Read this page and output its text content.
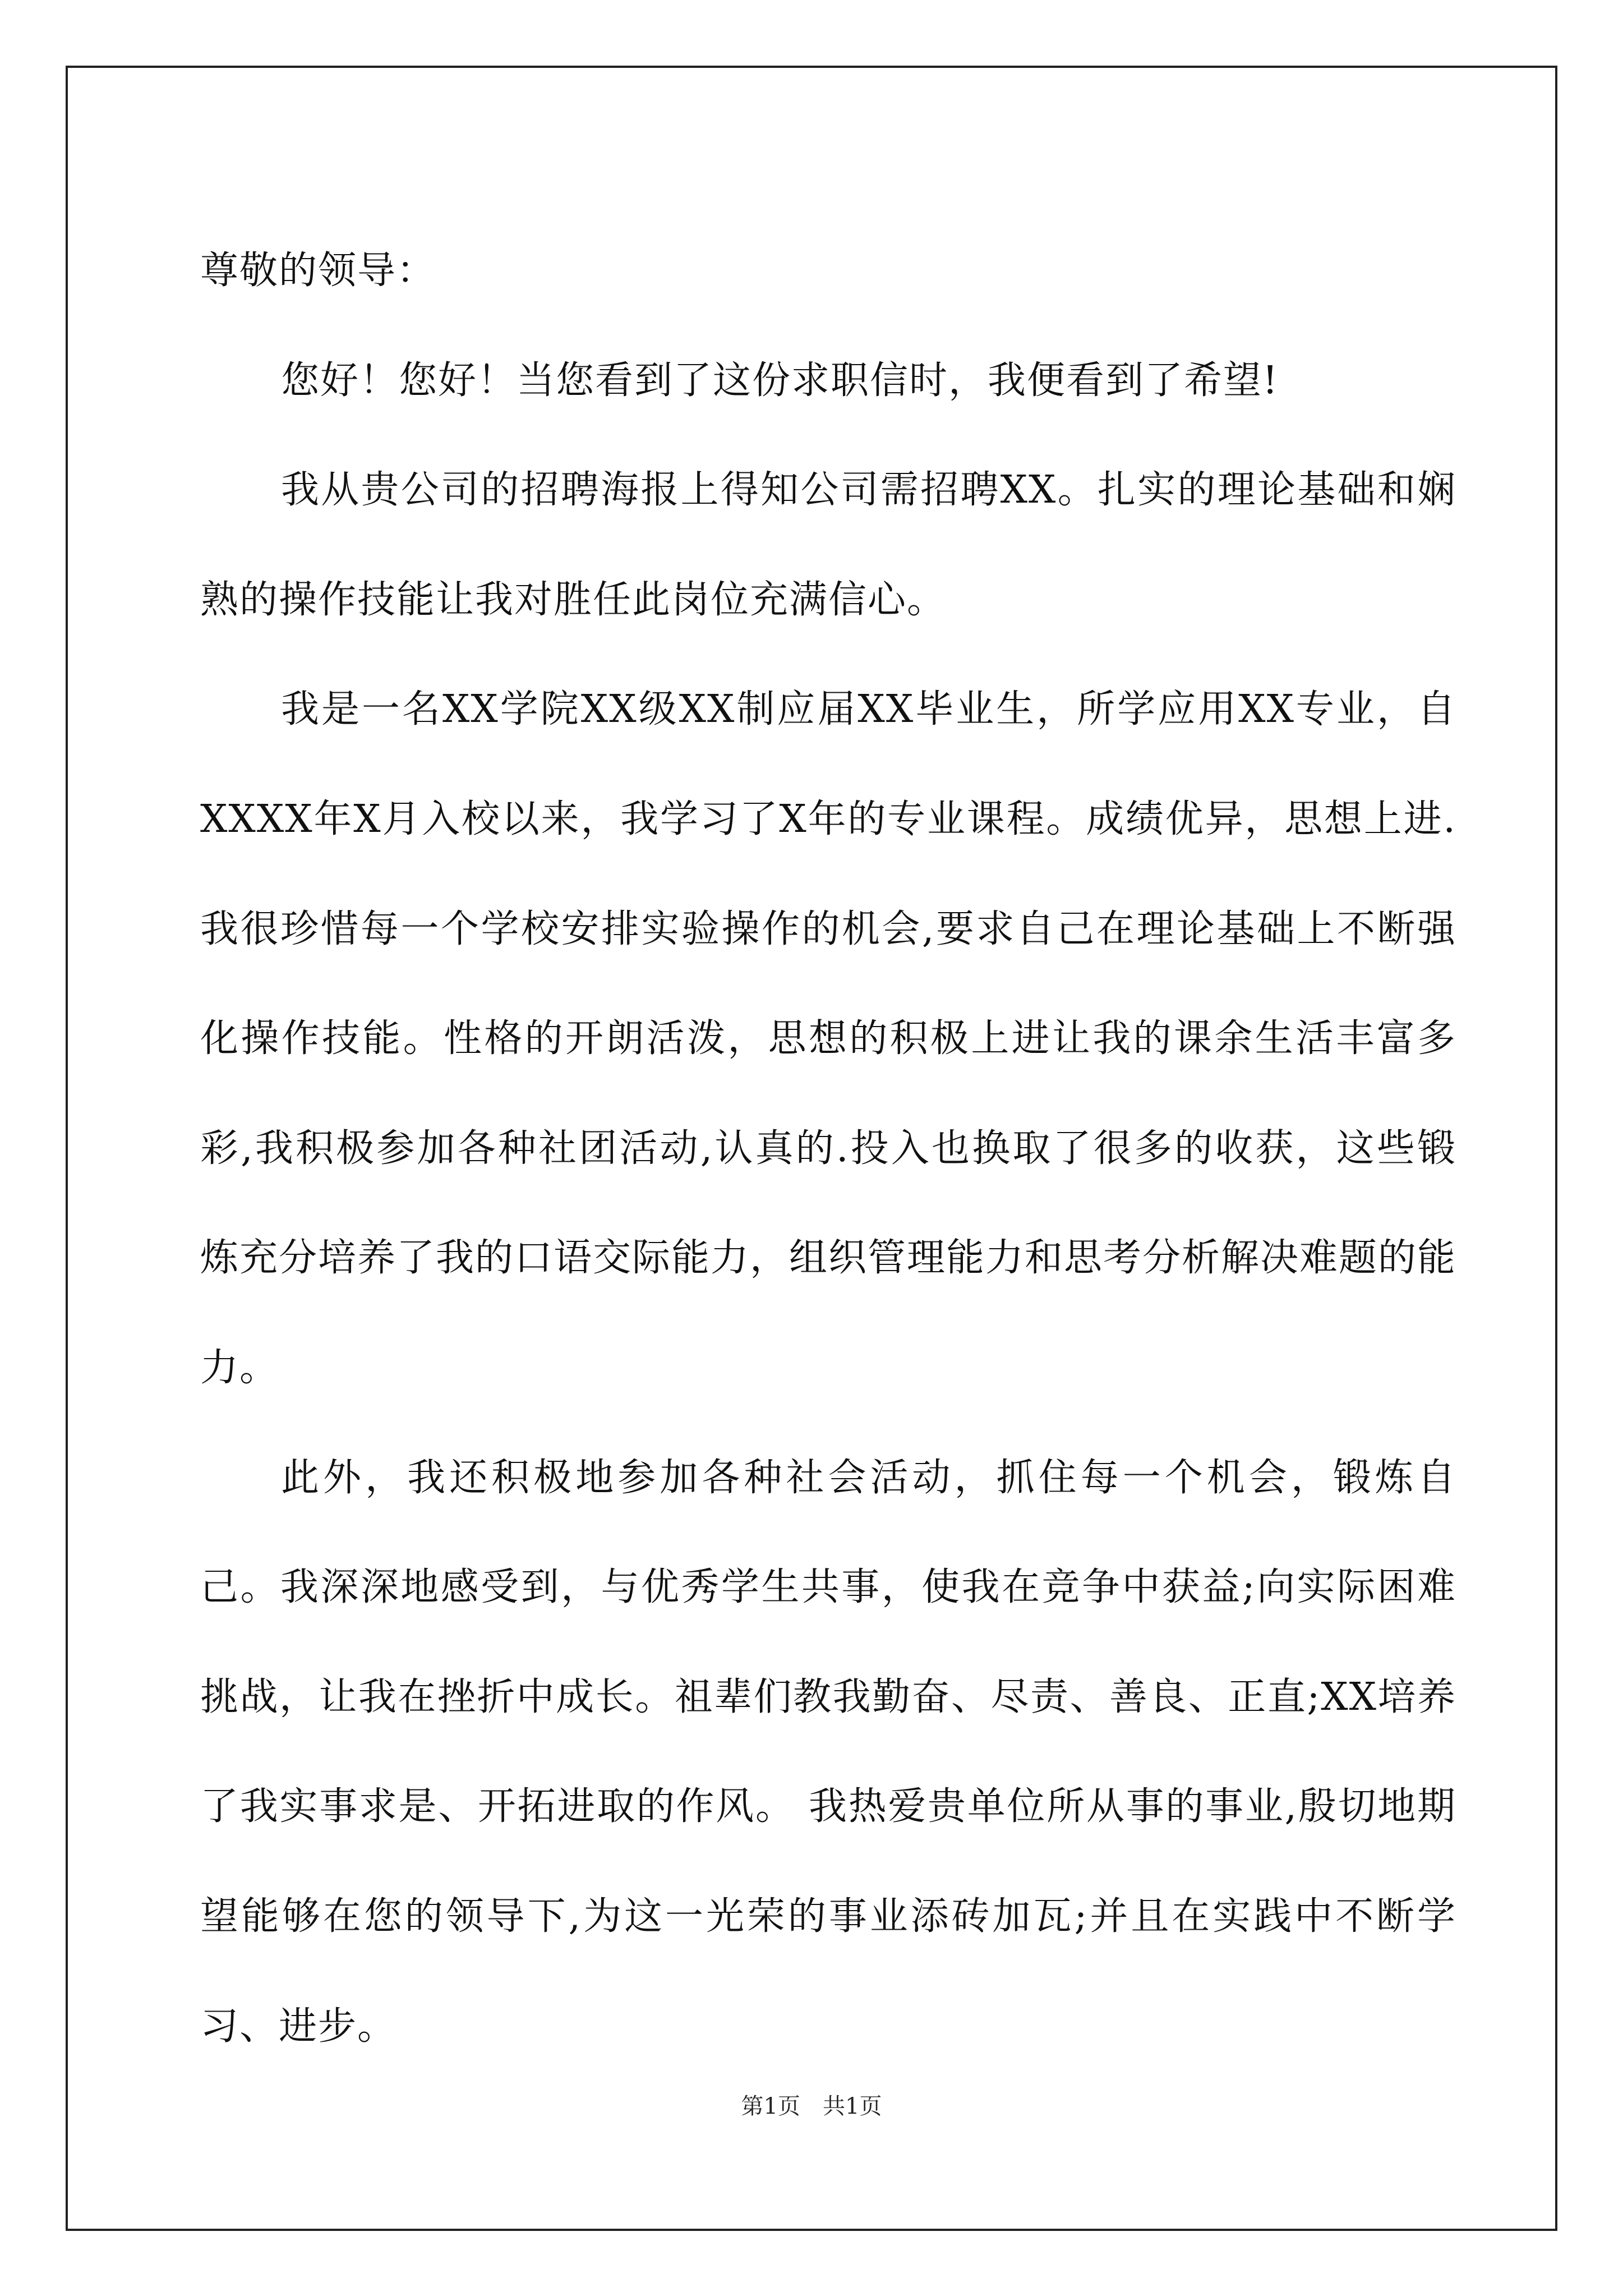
尊敬的领导：

您好！您好！当您看到了这份求职信时，我便看到了希望!

我从贵公司的招聘海报上得知公司需招聘XX。扎实的理论基础和娴熟的操作技能让我对胜任此岗位充满信心。

我是一名XX学院XX级XX制应届XX毕业生，所学应用XX专业，自XXXX年X月入校以来，我学习了X年的专业课程。成绩优异，思想上进.我很珍惜每一个学校安排实验操作的机会,要求自己在理论基础上不断强化操作技能。性格的开朗活泼，思想的积极上进让我的课余生活丰富多彩,我积极参加各种社团活动,认真的.投入也换取了很多的收获，这些锻炼充分培养了我的口语交际能力，组织管理能力和思考分析解决难题的能力。

此外，我还积极地参加各种社会活动，抓住每一个机会，锻炼自己。我深深地感受到，与优秀学生共事，使我在竞争中获益;向实际困难挑战，让我在挫折中成长。祖辈们教我勤奋、尽责、善良、正直;XX培养了我实事求是、开拓进取的作风。 我热爱贵单位所从事的事业,殷切地期望能够在您的领导下,为这一光荣的事业添砖加瓦;并且在实践中不断学习、进步。

第1页 共1页
